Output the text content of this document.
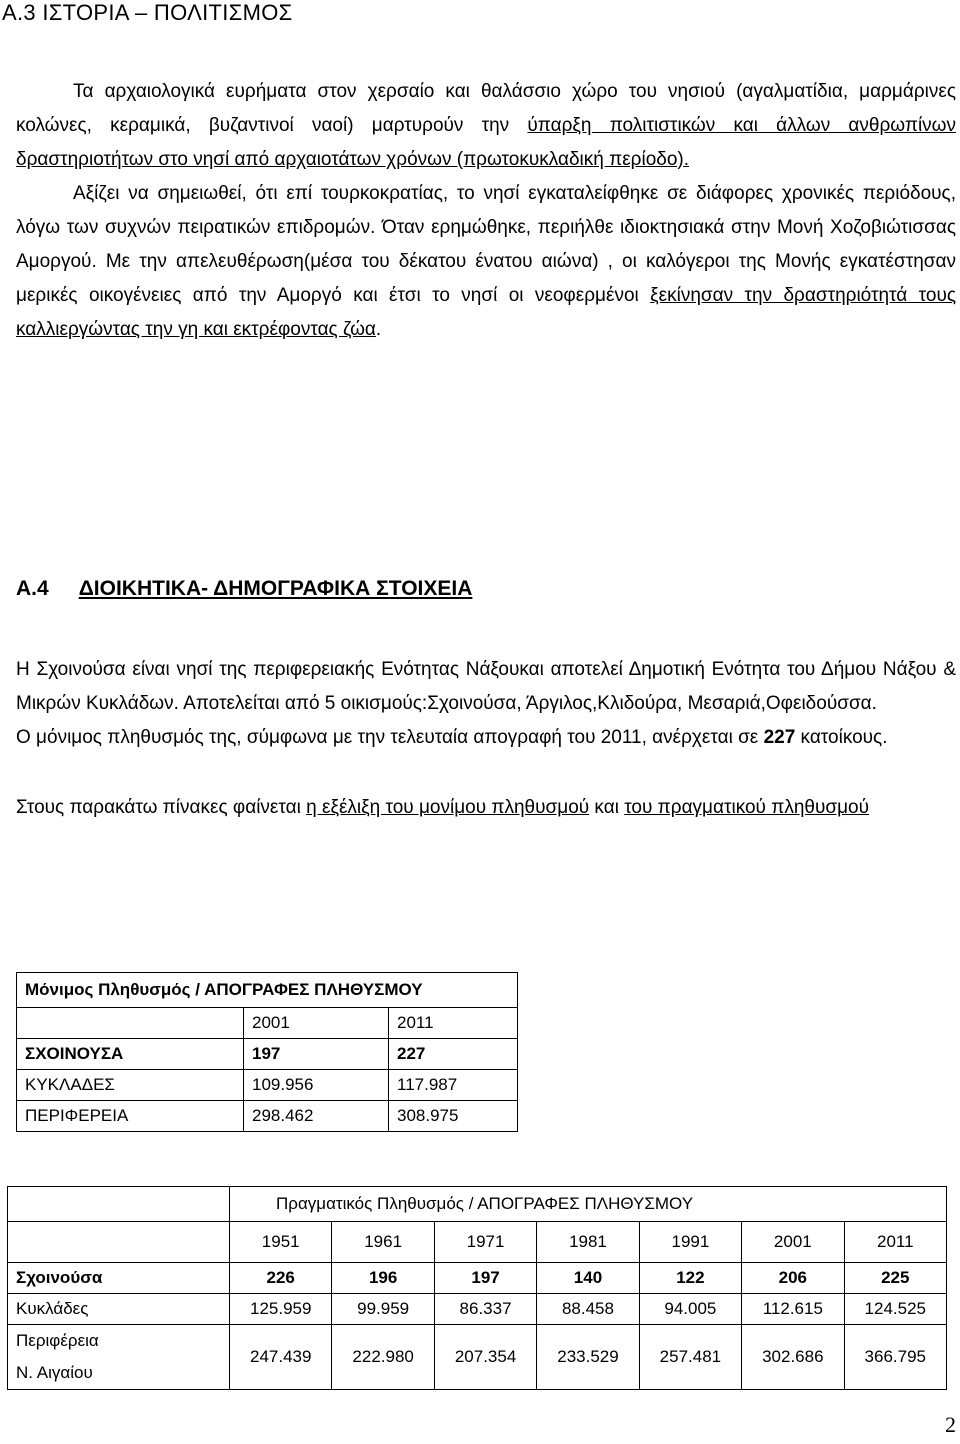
A.3 ΙΣΤΟΡΙΑ – ΠΟΛΙΤΙΣΜΟΣ

Τα αρχαιολογικά ευρήματα στον χερσαίο και θαλάσσιο χώρο του νησιού (αγαλματίδια, μαρμάρινες κολώνες, κεραμικά, βυζαντινοί ναοί) μαρτυρούν την ύπαρξη πολιτιστικών και άλλων ανθρωπίνων δραστηριοτήτων στο νησί από αρχαιοτάτων χρόνων (πρωτοκυκλαδική περίοδο).

Αξίζει να σημειωθεί, ότι επί τουρκοκρατίας, το νησί εγκαταλείφθηκε σε διάφορες χρονικές περιόδους, λόγω των συχνών πειρατικών επιδρομών. Όταν ερημώθηκε, περιήλθε ιδιοκτησιακά στην Μονή Χοζοβιώτισσας Αμοργού. Με την απελευθέρωση(μέσα του δέκατου ένατου αιώνα) , οι καλόγεροι της Μονής εγκατέστησαν μερικές οικογένειες από την Αμοργό και έτσι το νησί οι νεοφερμένοι ξεκίνησαν την δραστηριότητά τους καλλιεργώντας την γη και εκτρέφοντας ζώα.

Α.4 ΔΙΟΙΚΗΤΙΚΑ- ΔΗΜΟΓΡΑΦΙΚΑ ΣΤΟΙΧΕΙΑ

Η Σχοινούσα είναι νησί της περιφερειακής Ενότητας Νάξουκαι αποτελεί Δημοτική Ενότητα του Δήμου Νάξου & Μικρών Κυκλάδων. Αποτελείται από 5 οικισμούς:Σχοινούσα, Άργιλος,Κλιδούρα, Μεσαριά,Οφειδούσσα.

Ο μόνιμος πληθυσμός της, σύμφωνα με την τελευταία απογραφή του 2011, ανέρχεται σε 227 κατοίκους.

Στους παρακάτω πίνακες φαίνεται η εξέλιξη του μονίμου πληθυσμού και του πραγματικού πληθυσμού

Μόνιμος Πληθυσμός / ΑΠΟΓΡΑΦΕΣ ΠΛΗΘΥΣΜΟΥ		
	2001	2011
ΣΧΟΙΝΟΥΣΑ	197	227
ΚΥΚΛΑΔΕΣ	109.956	117.987
ΠΕΡΙΦΕΡΕΙΑ	298.462	308.975
	Πραγματικός Πληθυσμός / ΑΠΟΓΡΑΦΕΣ ΠΛΗΘΥΣΜΟΥ						
	1951	1961	1971	1981	1991	2001	2011
Σχοινούσα	226	196	197	140	122	206	225
Κυκλάδες	125.959	99.959	86.337	88.458	94.005	112.615	124.525

Περιφέρεια
Ν. Αιγαίου	247.439	222.980	207.354	233.529	257.481	302.686	366.795
2
